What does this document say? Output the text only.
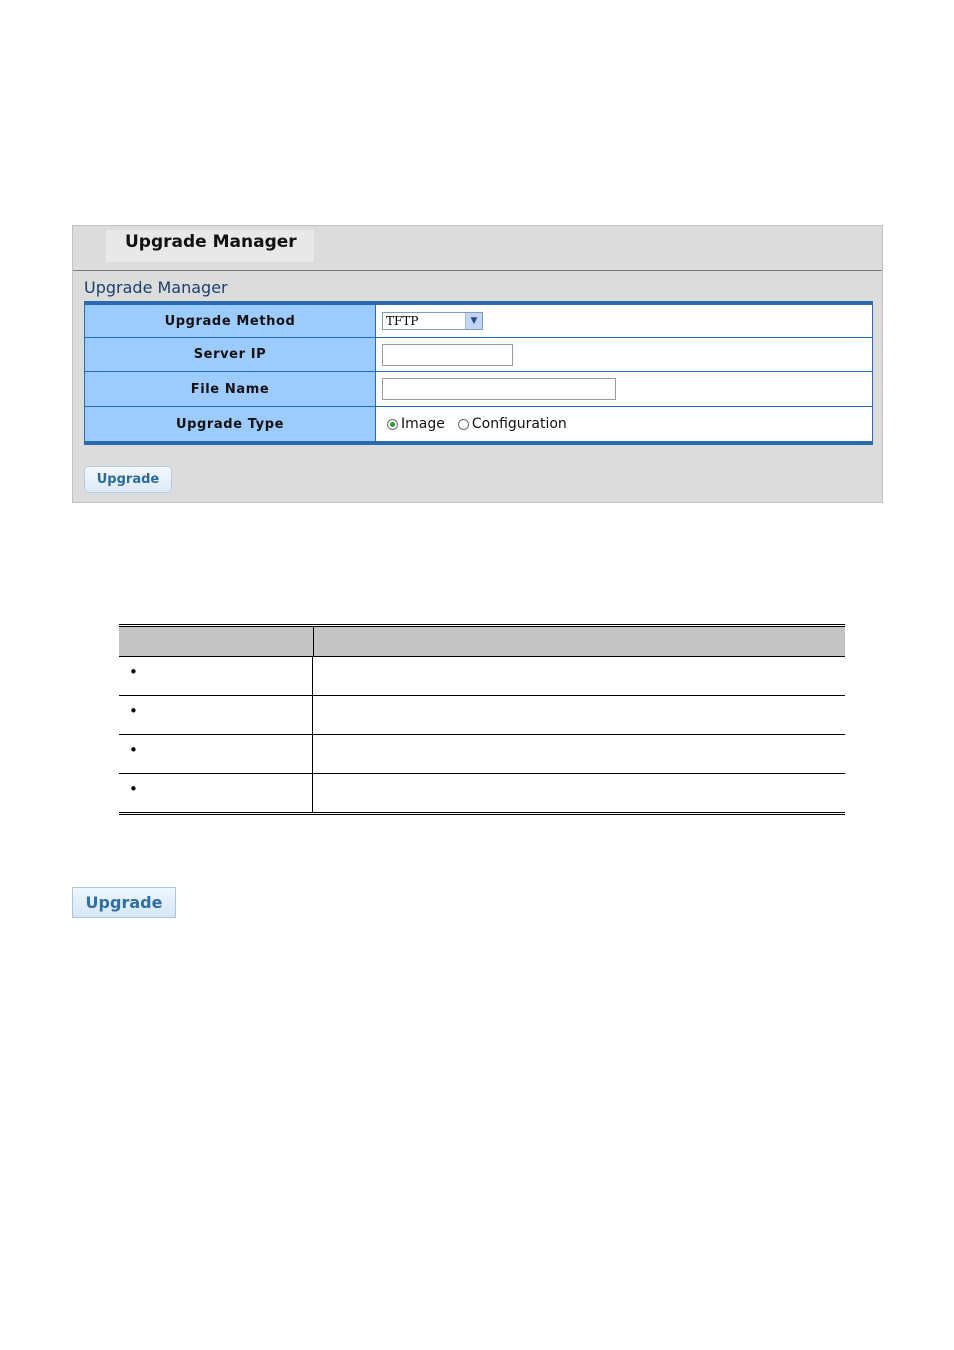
Upgrade Manager
Upgrade Manager
Upgrade Method	TFTP	▼
Server IP
File Name
Upgrade Type	Image Configuration
Upgrade
•
•
•
•
Upgrade
